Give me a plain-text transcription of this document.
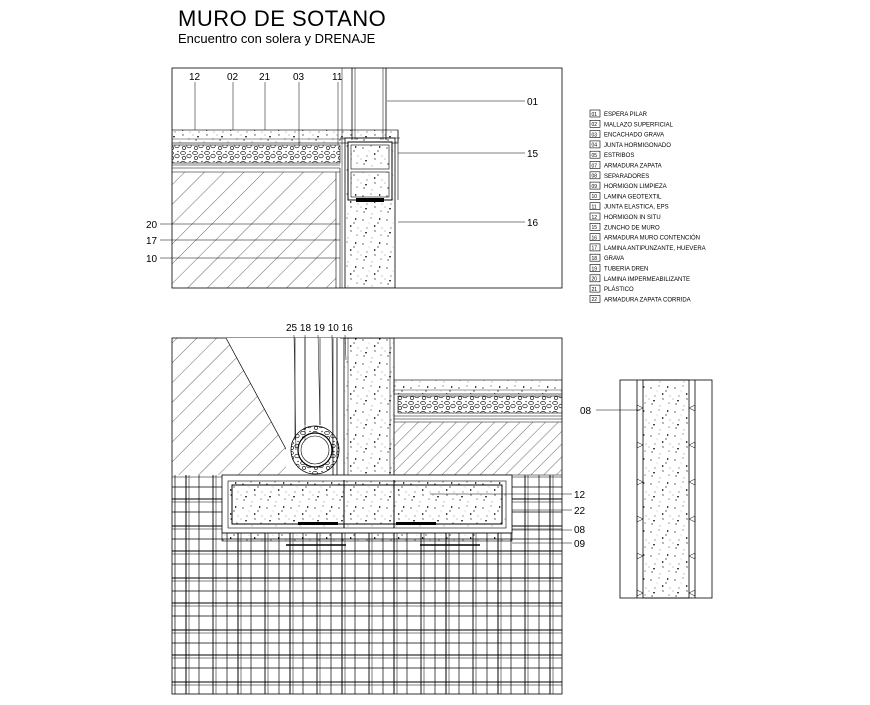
MURO DE SOTANO
Encuentro con solera y DRENAJE
12	02 21 03	11
01
15
16
20
17
10
01 ESPERA PILAR
02 MALLAZO SUPERFICIAL
03 ENCACHADO GRAVA
04 JUNTA HORMIGONADO
05 ESTRIBOS
07 ARMADURA ZAPATA
08 SEPARADORES
09 HORMIGON LIMPIEZA
10 LAMINA GEOTEXTIL
11 JUNTA ELASTICA, EPS
12 HORMIGON IN SITU
15 ZUNCHO DE MURO
16 ARMADURA MURO CONTENCIÓN
17 LAMINA ANTIPUNZANTE, HUEVERA
18 GRAVA
19 TUBERIA DREN
20 LAMINA IMPERMEABILIZANTE
21 PLÁSTICO
22 ARMADURA ZAPATA CORRIDA
25 18 19 10 16
12
22
08
09
08
